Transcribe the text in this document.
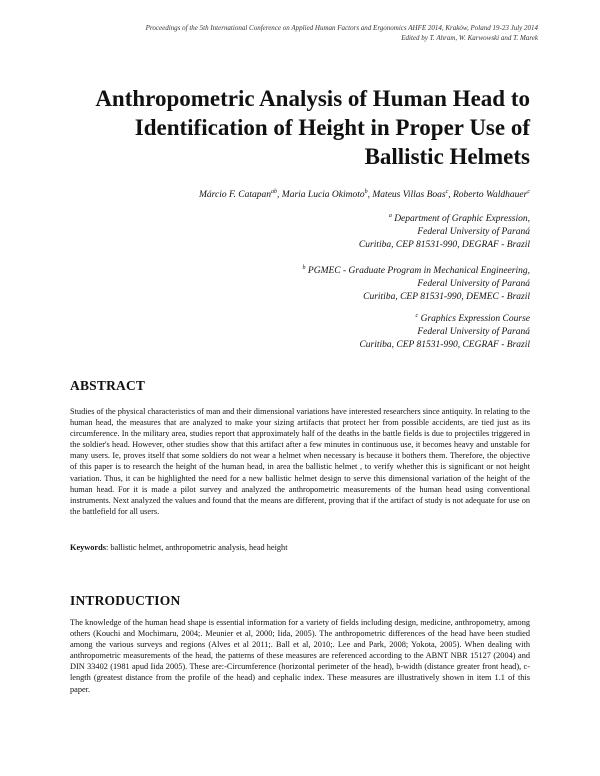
Proceedings of the 5th International Conference on Applied Human Factors and Ergonomics AHFE 2014, Kraków, Poland 19-23 July 2014
Edited by T. Ahram, W. Karwowski and T. Marek
Anthropometric Analysis of Human Head to
Identification of Height in Proper Use of
Ballistic Helmets
Márcio F. Catapan$^{ab}$, Maria Lucia Okimoto$^b$, Mateus Villas Boas$^c$, Roberto Waldhauer$^c$
$^a$ Department of Graphic Expression,
Federal University of Paraná
Curitiba, CEP 81531-990, DEGRAF - Brazil
$^b$ PGMEC - Graduate Program in Mechanical Engineering,
Federal University of Paraná
Curitiba, CEP 81531-990, DEMEC - Brazil
$^c$ Graphics Expression Course
Federal University of Paraná
Curitiba, CEP 81531-990, CEGRAF - Brazil
ABSTRACT
Studies of the physical characteristics of man and their dimensional variations have interested researchers since antiquity. In relating to the human head, the measures that are analyzed to make your sizing artifacts that protect her from possible accidents, are tied just as its circumference. In the military area, studies report that approximately half of the deaths in the battle fields is due to projectiles triggered in the soldier's head. However, other studies show that this artifact after a few minutes in continuous use, it becomes heavy and unstable for many users. Ie, proves itself that some soldiers do not wear a helmet when necessary is because it bothers them. Therefore, the objective of this paper is to research the height of the human head, in area the ballistic helmet , to verify whether this is significant or not height variation. Thus, it can be highlighted the need for a new ballistic helmet design to serve this dimensional variation of the height of the human head. For it is made a pilot survey and analyzed the anthropometric measurements of the human head using conventional instruments. Next analyzed the values and found that the means are different, proving that if the artifact of study is not adequate for use on the battlefield for all users.
Keywords: ballistic helmet, anthropometric analysis, head height
INTRODUCTION
The knowledge of the human head shape is essential information for a variety of fields including design, medicine, anthropometry, among others (Kouchi and Mochimaru, 2004;. Meunier et al, 2000; Iida, 2005). The anthropometric differences of the head have been studied among the various surveys and regions (Alves et al 2011;. Ball et al, 2010;. Lee and Park, 2008; Yokota, 2005). When dealing with anthropometric measurements of the head, the patterns of these measures are referenced according to the ABNT NBR 15127 (2004) and DIN 33402 (1981 apud Iida 2005). These are:-Circumference (horizontal perimeter of the head), b-width (distance greater front head), c-length (greatest distance from the profile of the head) and cephalic index. These measures are illustratively shown in item 1.1 of this paper.
